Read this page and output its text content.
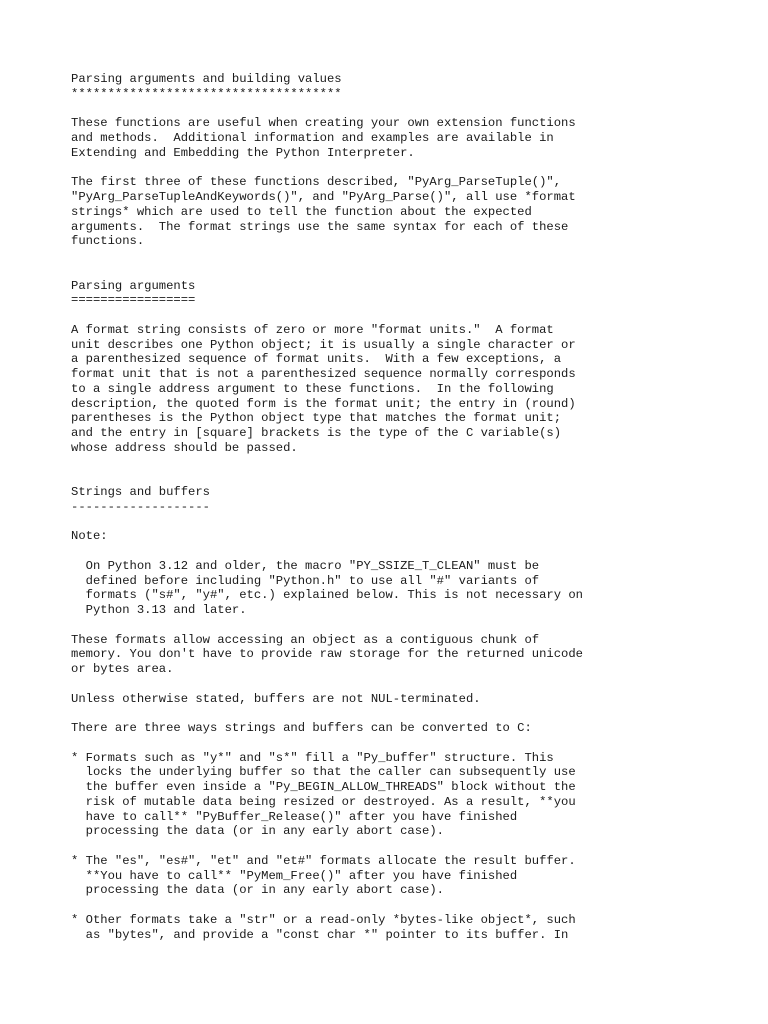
Parsing arguments and building values
*************************************
These functions are useful when creating your own extension functions
and methods.  Additional information and examples are available in
Extending and Embedding the Python Interpreter.
The first three of these functions described, "PyArg_ParseTuple()",
"PyArg_ParseTupleAndKeywords()", and "PyArg_Parse()", all use *format
strings* which are used to tell the function about the expected
arguments.  The format strings use the same syntax for each of these
functions.
Parsing arguments
=================
A format string consists of zero or more "format units."  A format
unit describes one Python object; it is usually a single character or
a parenthesized sequence of format units.  With a few exceptions, a
format unit that is not a parenthesized sequence normally corresponds
to a single address argument to these functions.  In the following
description, the quoted form is the format unit; the entry in (round)
parentheses is the Python object type that matches the format unit;
and the entry in [square] brackets is the type of the C variable(s)
whose address should be passed.
Strings and buffers
-------------------
Note:
On Python 3.12 and older, the macro "PY_SSIZE_T_CLEAN" must be
defined before including "Python.h" to use all "#" variants of
formats ("s#", "y#", etc.) explained below. This is not necessary on
Python 3.13 and later.
These formats allow accessing an object as a contiguous chunk of
memory. You don't have to provide raw storage for the returned unicode
or bytes area.
Unless otherwise stated, buffers are not NUL-terminated.
There are three ways strings and buffers can be converted to C:
* Formats such as "y*" and "s*" fill a "Py_buffer" structure. This
locks the underlying buffer so that the caller can subsequently use
the buffer even inside a "Py_BEGIN_ALLOW_THREADS" block without the
risk of mutable data being resized or destroyed. As a result, **you
have to call** "PyBuffer_Release()" after you have finished
processing the data (or in any early abort case).
* The "es", "es#", "et" and "et#" formats allocate the result buffer.
**You have to call** "PyMem_Free()" after you have finished
processing the data (or in any early abort case).
* Other formats take a "str" or a read-only *bytes-like object*, such
as "bytes", and provide a "const char *" pointer to its buffer. In
